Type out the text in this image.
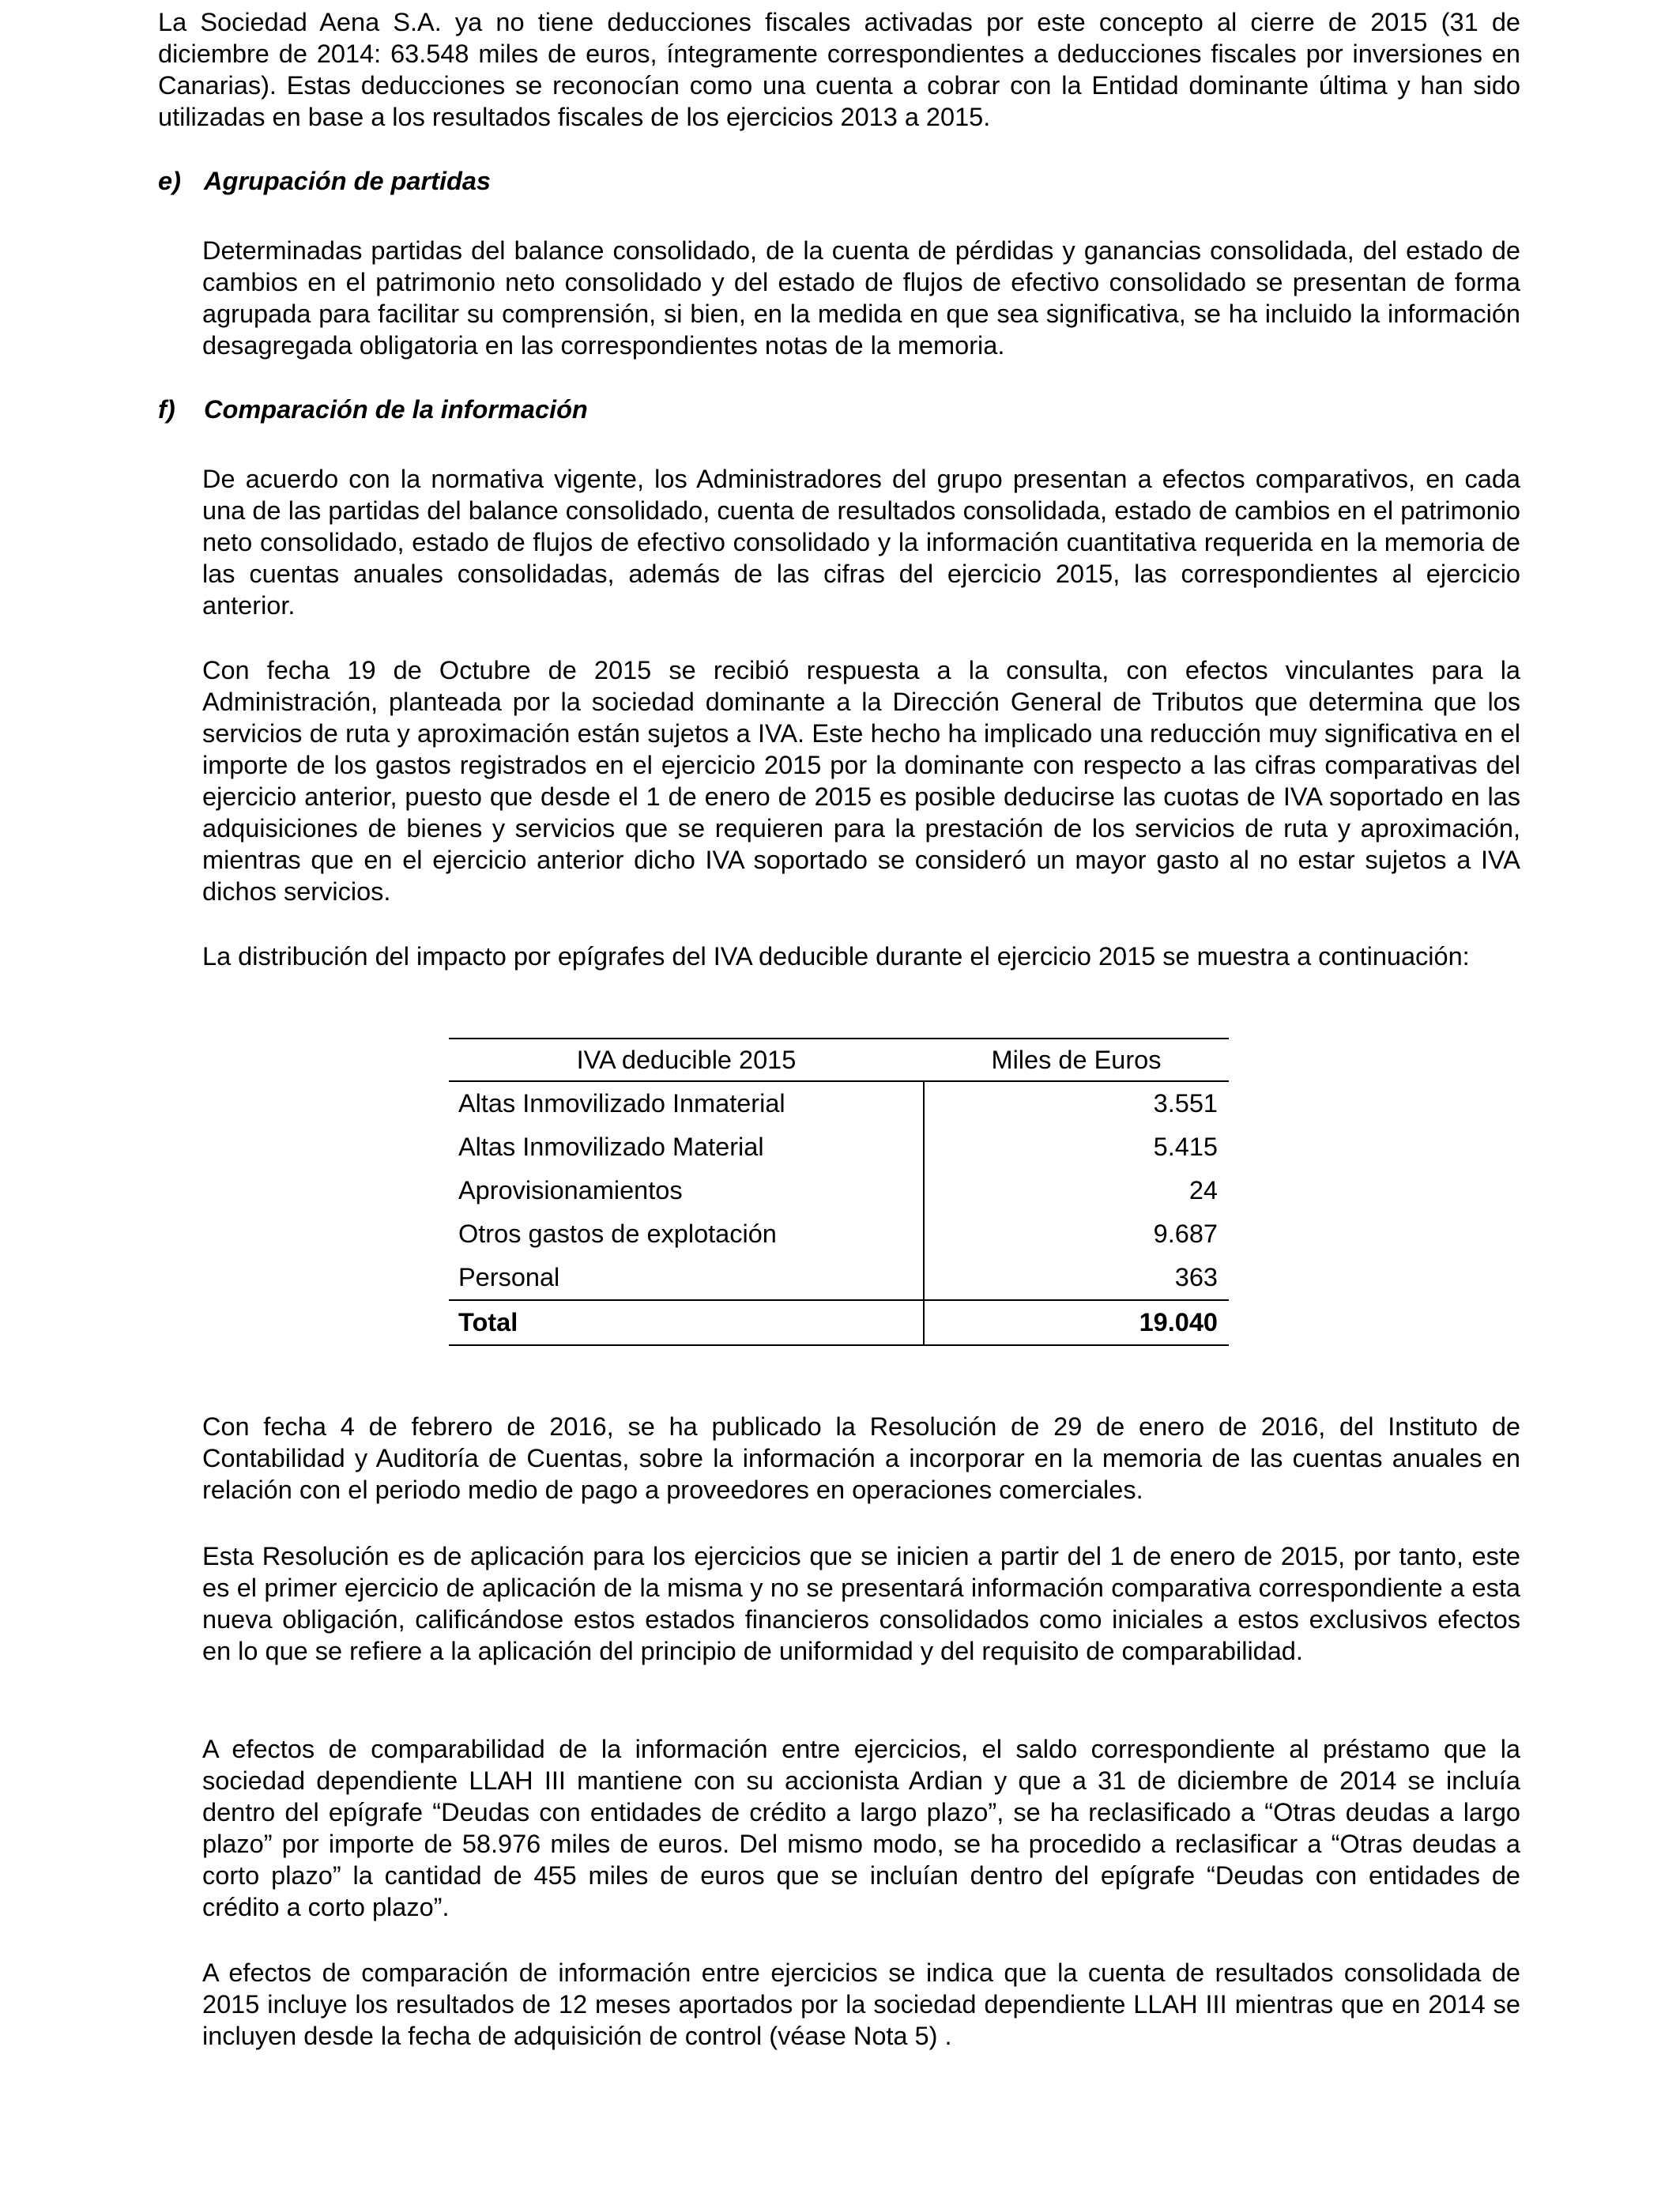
La Sociedad Aena S.A. ya no tiene deducciones fiscales activadas por este concepto al cierre de 2015 (31 de diciembre de 2014: 63.548 miles de euros, íntegramente correspondientes a deducciones fiscales por inversiones en Canarias). Estas deducciones se reconocían como una cuenta a cobrar con la Entidad dominante última y han sido utilizadas en base a los resultados fiscales de los ejercicios 2013 a 2015.

e) Agrupación de partidas

Determinadas partidas del balance consolidado, de la cuenta de pérdidas y ganancias consolidada, del estado de cambios en el patrimonio neto consolidado y del estado de flujos de efectivo consolidado se presentan de forma agrupada para facilitar su comprensión, si bien, en la medida en que sea significativa, se ha incluido la información desagregada obligatoria en las correspondientes notas de la memoria.

f) Comparación de la información

De acuerdo con la normativa vigente, los Administradores del grupo presentan a efectos comparativos, en cada una de las partidas del balance consolidado, cuenta de resultados consolidada, estado de cambios en el patrimonio neto consolidado, estado de flujos de efectivo consolidado y la información cuantitativa requerida en la memoria de las cuentas anuales consolidadas, además de las cifras del ejercicio 2015, las correspondientes al ejercicio anterior.

Con fecha 19 de Octubre de 2015 se recibió respuesta a la consulta, con efectos vinculantes para la Administración, planteada por la sociedad dominante a la Dirección General de Tributos que determina que los servicios de ruta y aproximación están sujetos a IVA. Este hecho ha implicado una reducción muy significativa en el importe de los gastos registrados en el ejercicio 2015 por la dominante con respecto a las cifras comparativas del ejercicio anterior, puesto que desde el 1 de enero de 2015 es posible deducirse las cuotas de IVA soportado en las adquisiciones de bienes y servicios que se requieren para la prestación de los servicios de ruta y aproximación, mientras que en el ejercicio anterior dicho IVA soportado se consideró un mayor gasto al no estar sujetos a IVA dichos servicios.

La distribución del impacto por epígrafes del IVA deducible durante el ejercicio 2015 se muestra a continuación:

IVA deducible 2015	Miles de Euros
Altas Inmovilizado Inmaterial	3.551
Altas Inmovilizado Material	5.415
Aprovisionamientos	24
Otros gastos de explotación	9.687
Personal	363
Total	19.040

Con fecha 4 de febrero de 2016, se ha publicado la Resolución de 29 de enero de 2016, del Instituto de Contabilidad y Auditoría de Cuentas, sobre la información a incorporar en la memoria de las cuentas anuales en relación con el periodo medio de pago a proveedores en operaciones comerciales.

Esta Resolución es de aplicación para los ejercicios que se inicien a partir del 1 de enero de 2015, por tanto, este es el primer ejercicio de aplicación de la misma y no se presentará información comparativa correspondiente a esta nueva obligación, calificándose estos estados financieros consolidados como iniciales a estos exclusivos efectos en lo que se refiere a la aplicación del principio de uniformidad y del requisito de comparabilidad.

A efectos de comparabilidad de la información entre ejercicios, el saldo correspondiente al préstamo que la sociedad dependiente LLAH III mantiene con su accionista Ardian y que a 31 de diciembre de 2014 se incluía dentro del epígrafe “Deudas con entidades de crédito a largo plazo”, se ha reclasificado a “Otras deudas a largo plazo” por importe de 58.976 miles de euros. Del mismo modo, se ha procedido a reclasificar a “Otras deudas a corto plazo” la cantidad de 455 miles de euros que se incluían dentro del epígrafe “Deudas con entidades de crédito a corto plazo”.

A efectos de comparación de información entre ejercicios se indica que la cuenta de resultados consolidada de 2015 incluye los resultados de 12 meses aportados por la sociedad dependiente LLAH III mientras que en 2014 se incluyen desde la fecha de adquisición de control (véase Nota 5) .
